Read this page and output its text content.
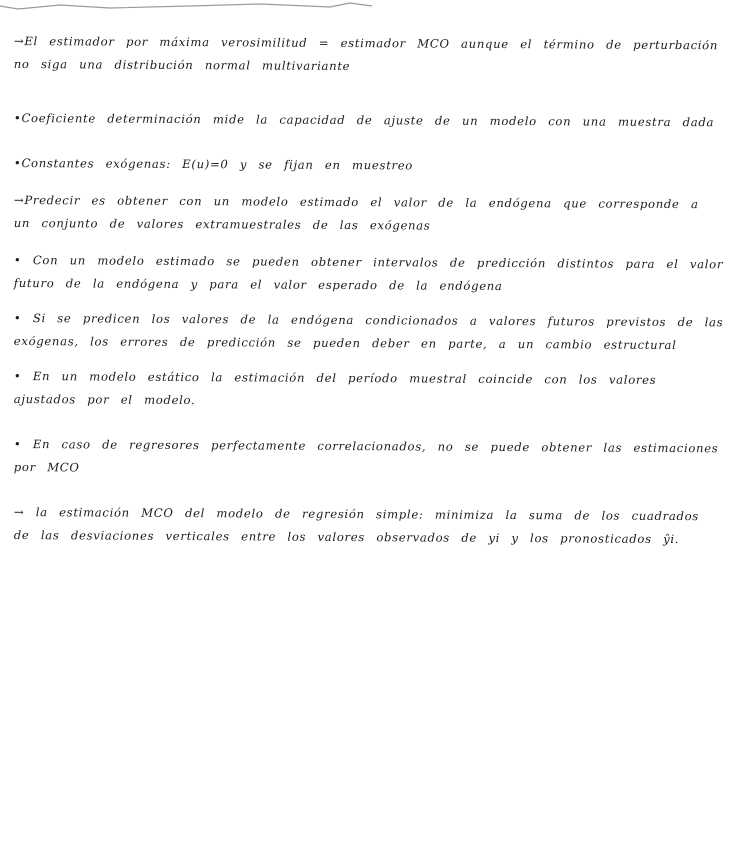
→El estimador por máxima verosimilitud = estimador MCO aunque el término de perturbación no siga una distribución normal multivariante

•Coeficiente determinación mide la capacidad de ajuste de un modelo con una muestra dada

•Constantes exógenas: E(u)=0 y se fijan en muestreo

→Predecir es obtener con un modelo estimado el valor de la endógena que corresponde a un conjunto de valores extramuestrales de las exógenas

• Con un modelo estimado se pueden obtener intervalos de predicción distintos para el valor futuro de la endógena y para el valor esperado de la endógena

• Si se predicen los valores de la endógena condicionados a valores futuros previstos de las exógenas, los errores de predicción se pueden deber en parte, a un cambio estructural

• En un modelo estático la estimación del período muestral coincide con los valores ajustados por el modelo.

• En caso de regresores perfectamente correlacionados, no se puede obtener las estimaciones por MCO

→ la estimación MCO del modelo de regresión simple: minimiza la suma de los cuadrados de las desviaciones verticales entre los valores observados de yi y los pronosticados ŷi.
